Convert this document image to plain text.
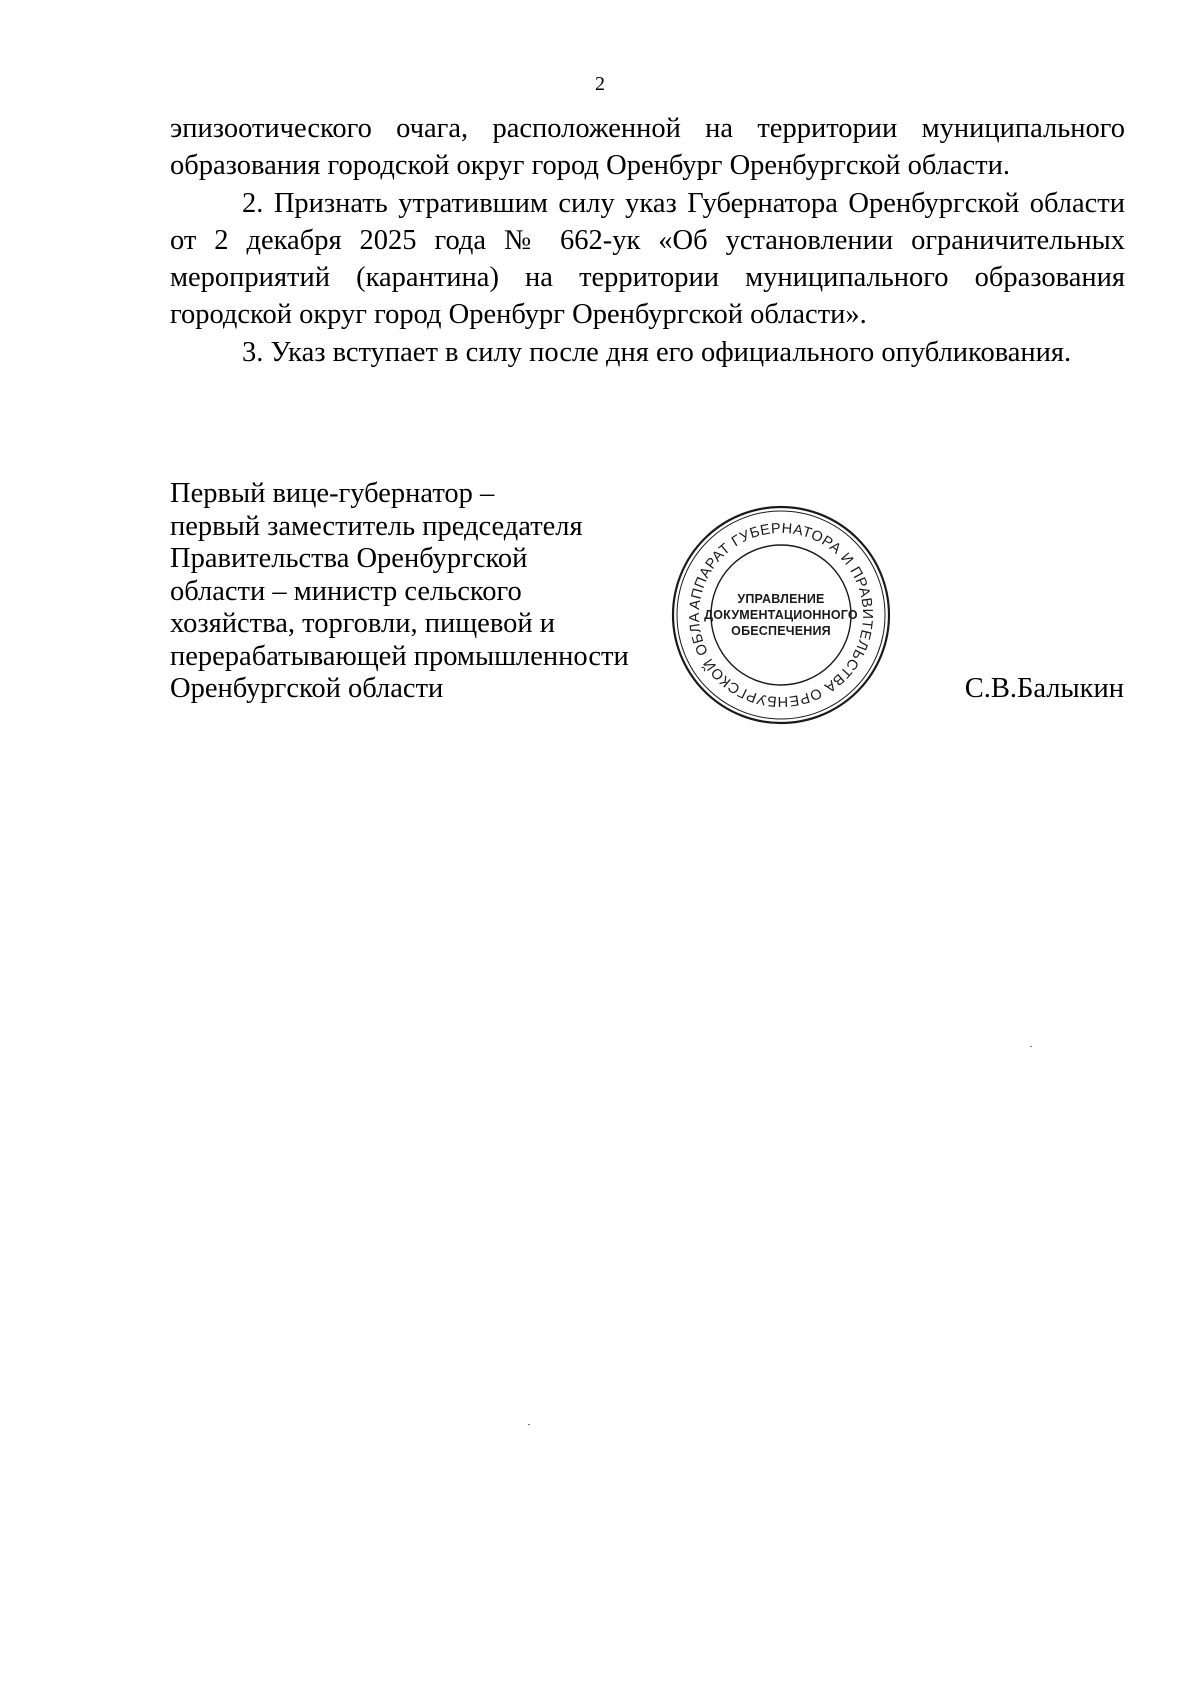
2

эпизоотического очага, расположенной на территории муниципального образования городской округ город Оренбург Оренбургской области.

2. Признать утратившим силу указ Губернатора Оренбургской области от 2 декабря 2025 года № 662-ук «Об установлении ограничительных мероприятий (карантина) на территории муниципального образования городской округ город Оренбург Оренбургской области».

3. Указ вступает в силу после дня его официального опубликования.

Первый вице-губернатор –
первый заместитель председателя
Правительства Оренбургской
области – министр сельского
хозяйства, торговли, пищевой и
перерабатывающей промышленности
Оренбургской области
АППАРАТ ГУБЕРНАТОРА И ПРАВИТЕЛЬСТВА ОРЕНБУРГСКОЙ ОБЛА
УПРАВЛЕНИЕ
ДОКУМЕНТАЦИОННОГО
ОБЕСПЕЧЕНИЯ
С.В.Балыкин
